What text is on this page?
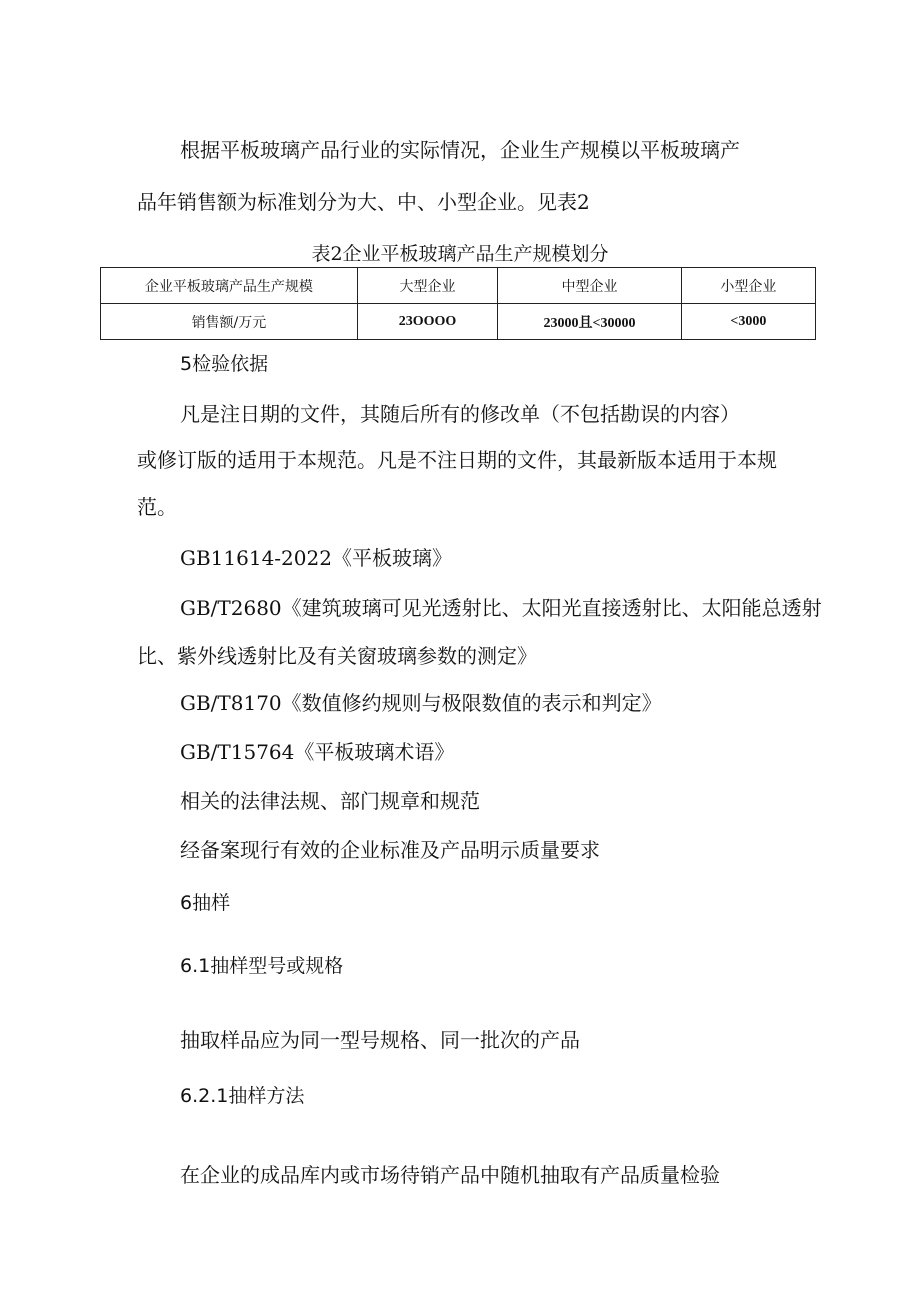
根据平板玻璃产品行业的实际情况，企业生产规模以平板玻璃产
品年销售额为标准划分为大、中、小型企业。见表2
表2企业平板玻璃产品生产规模划分
企业平板玻璃产品生产规模	大型企业	中型企业	小型企业
销售额/万元	23OOOO	23000且<30000	<3000
5检验依据
凡是注日期的文件，其随后所有的修改单（不包括勘误的内容）
或修订版的适用于本规范。凡是不注日期的文件，其最新版本适用于本规
范。
GB11614-2022《平板玻璃》
GB/T2680《建筑玻璃可见光透射比、太阳光直接透射比、太阳能总透射
比、紫外线透射比及有关窗玻璃参数的测定》
GB/T8170《数值修约规则与极限数值的表示和判定》
GB/T15764《平板玻璃术语》
相关的法律法规、部门规章和规范
经备案现行有效的企业标准及产品明示质量要求
6抽样
6.1抽样型号或规格
抽取样品应为同一型号规格、同一批次的产品
6.2.1抽样方法
在企业的成品库内或市场待销产品中随机抽取有产品质量检验
